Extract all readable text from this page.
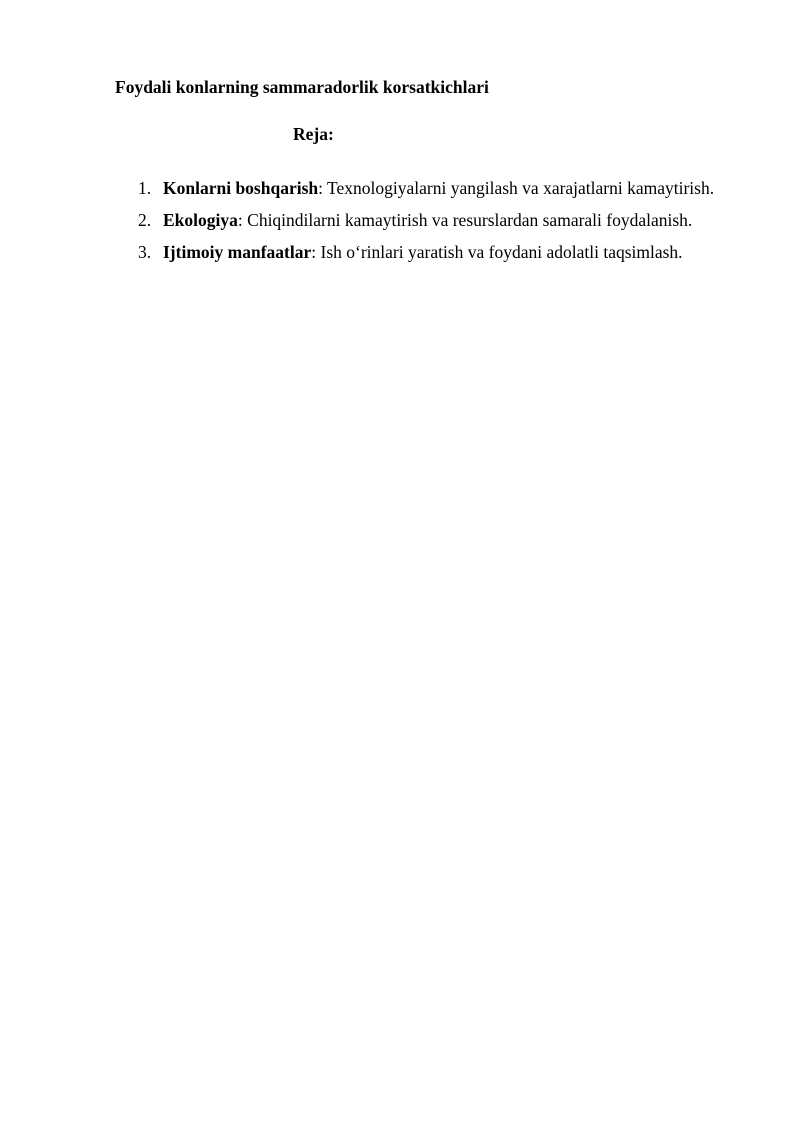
Foydali konlarning sammaradorlik korsatkichlari
Reja:
1. Konlarni boshqarish: Texnologiyalarni yangilash va xarajatlarni kamaytirish.
2. Ekologiya: Chiqindilarni kamaytirish va resurslardan samarali foydalanish.
3. Ijtimoiy manfaatlar: Ish o‘rinlari yaratish va foydani adolatli taqsimlash.
